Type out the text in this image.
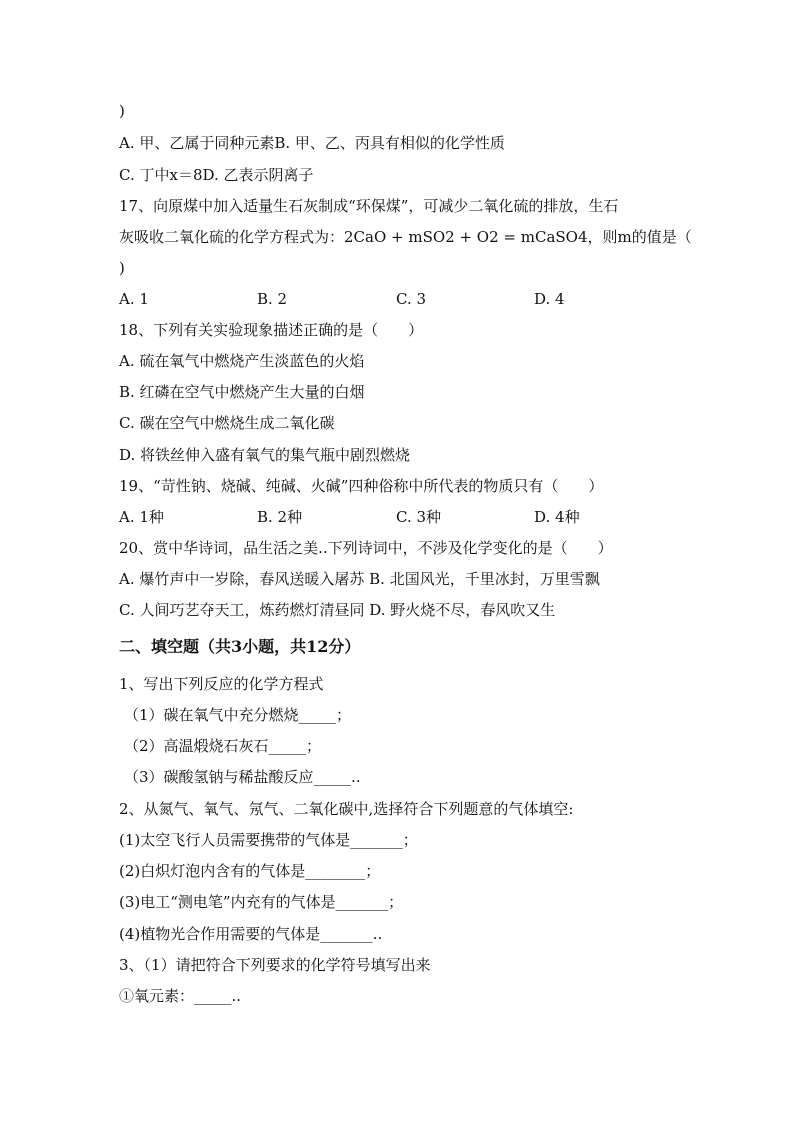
)
A. 甲、乙属于同种元素B. 甲、乙、丙具有相似的化学性质
C. 丁中x＝8D. 乙表示阴离子
17、向原煤中加入适量生石灰制成“环保煤”，可减少二氧化硫的排放，生石
灰吸收二氧化硫的化学方程式为：2CaO + mSO2 + O2 = mCaSO4，则m的值是（
)
A. 1	B. 2	C. 3	D. 4
18、下列有关实验现象描述正确的是（　　）
A. 硫在氧气中燃烧产生淡蓝色的火焰
B. 红磷在空气中燃烧产生大量的白烟
C. 碳在空气中燃烧生成二氧化碳
D. 将铁丝伸入盛有氧气的集气瓶中剧烈燃烧
19、“苛性钠、烧碱、纯碱、火碱”四种俗称中所代表的物质只有（　　）
A. 1种	B. 2种	C. 3种	D. 4种
20、赏中华诗词，品生活之美..下列诗词中，不涉及化学变化的是（　　）
A. 爆竹声中一岁除，春风送暖入屠苏 B. 北国风光，千里冰封，万里雪飘
C. 人间巧艺夺天工，炼药燃灯清昼同 D. 野火烧不尽，春风吹又生
二、填空题（共3小题，共12分）
1、写出下列反应的化学方程式
（1）碳在氧气中充分燃烧_____；
（2）高温煅烧石灰石_____；
（3）碳酸氢钠与稀盐酸反应_____..
2、从氮气、氧气、氖气、二氧化碳中,选择符合下列题意的气体填空:
(1)太空飞行人员需要携带的气体是_______；
(2)白炽灯泡内含有的气体是________；
(3)电工“测电笔”内充有的气体是_______；
(4)植物光合作用需要的气体是_______..
3、（1）请把符合下列要求的化学符号填写出来
①氧元素：_____..
